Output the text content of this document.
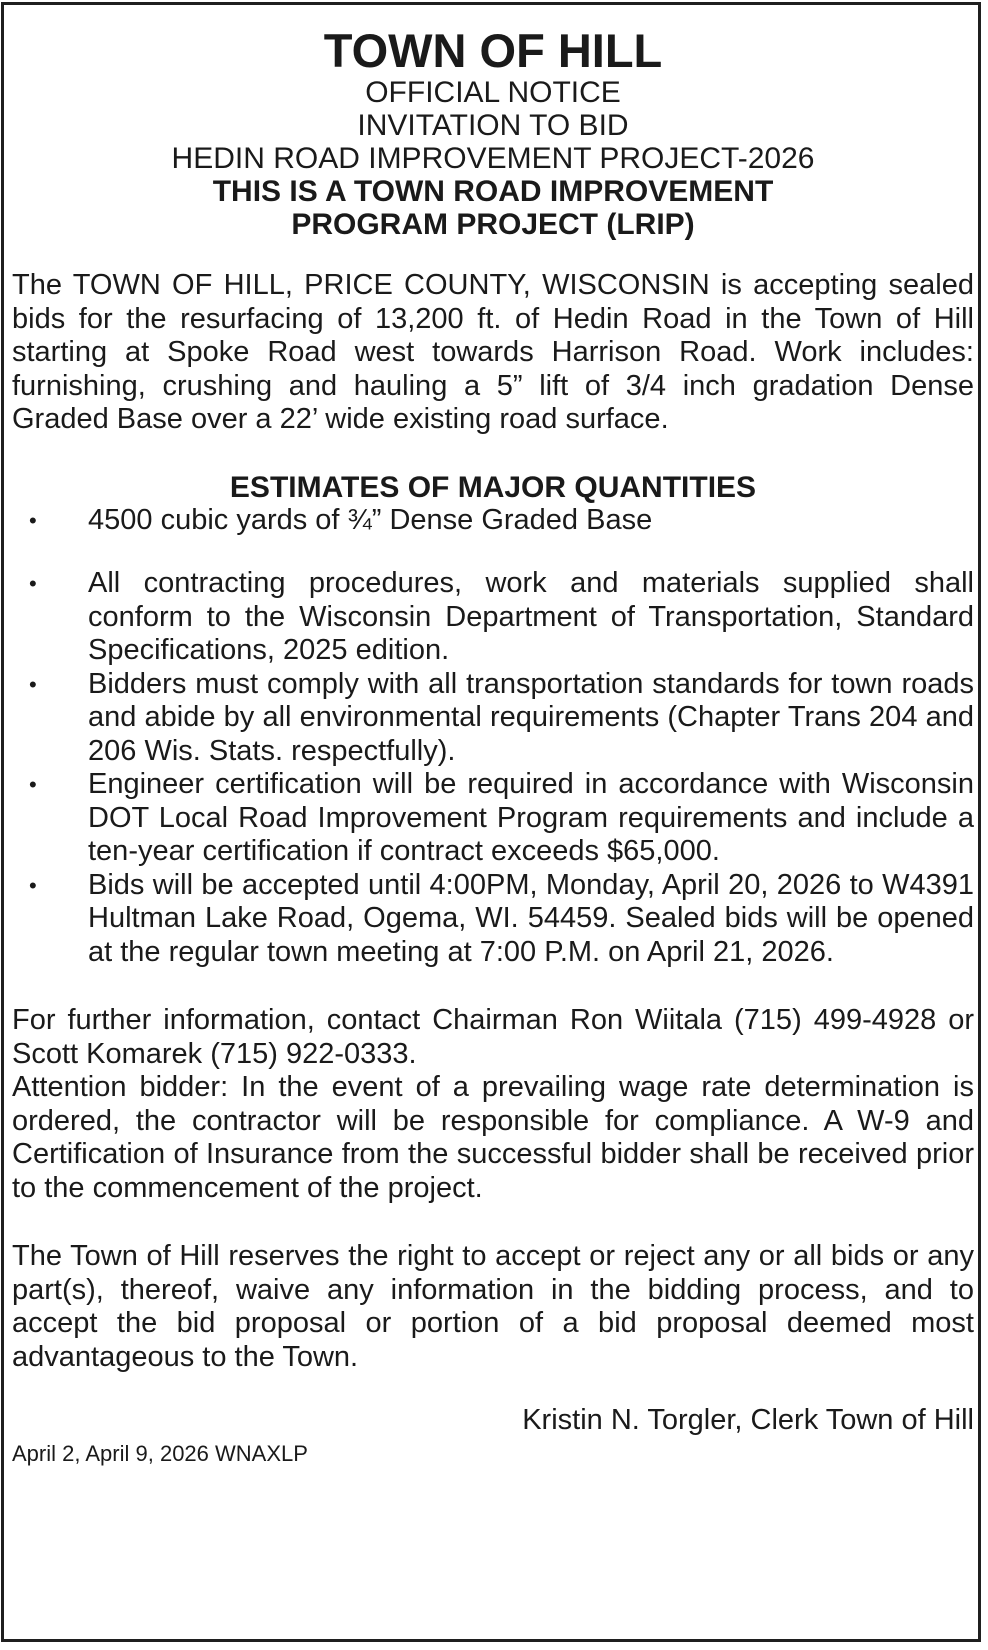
TOWN OF HILL
OFFICIAL NOTICE
INVITATION TO BID
HEDIN ROAD IMPROVEMENT PROJECT-2026
THIS IS A TOWN ROAD IMPROVEMENT
PROGRAM PROJECT (LRIP)

The TOWN OF HILL, PRICE COUNTY, WISCONSIN is accepting sealed bids for the resurfacing of 13,200 ft. of Hedin Road in the Town of Hill starting at Spoke Road west towards Harrison Road. Work includes: furnishing, crushing and hauling a 5” lift of 3/4 inch gradation Dense Graded Base over a 22’ wide existing road surface.

ESTIMATES OF MAJOR QUANTITIES
• 4500 cubic yards of ¾” Dense Graded Base
• All contracting procedures, work and materials supplied shall conform to the Wisconsin Department of Transportation, Standard Specifications, 2025 edition.
• Bidders must comply with all transportation standards for town roads and abide by all environmental requirements (Chapter Trans 204 and 206 Wis. Stats. respectfully).
• Engineer certification will be required in accordance with Wisconsin DOT Local Road Improvement Program requirements and include a ten-year certification if contract exceeds $65,000.
• Bids will be accepted until 4:00PM, Monday, April 20, 2026 to W4391 Hultman Lake Road, Ogema, WI. 54459. Sealed bids will be opened at the regular town meeting at 7:00 P.M. on April 21, 2026.

For further information, contact Chairman Ron Wiitala (715) 499-4928 or Scott Komarek (715) 922-0333.

Attention bidder: In the event of a prevailing wage rate determination is ordered, the contractor will be responsible for compliance. A W-9 and Certification of Insurance from the successful bidder shall be received prior to the commencement of the project.

The Town of Hill reserves the right to accept or reject any or all bids or any part(s), thereof, waive any information in the bidding process, and to accept the bid proposal or portion of a bid proposal deemed most advantageous to the Town.

Kristin N. Torgler, Clerk Town of Hill
April 2, April 9, 2026 WNAXLP
